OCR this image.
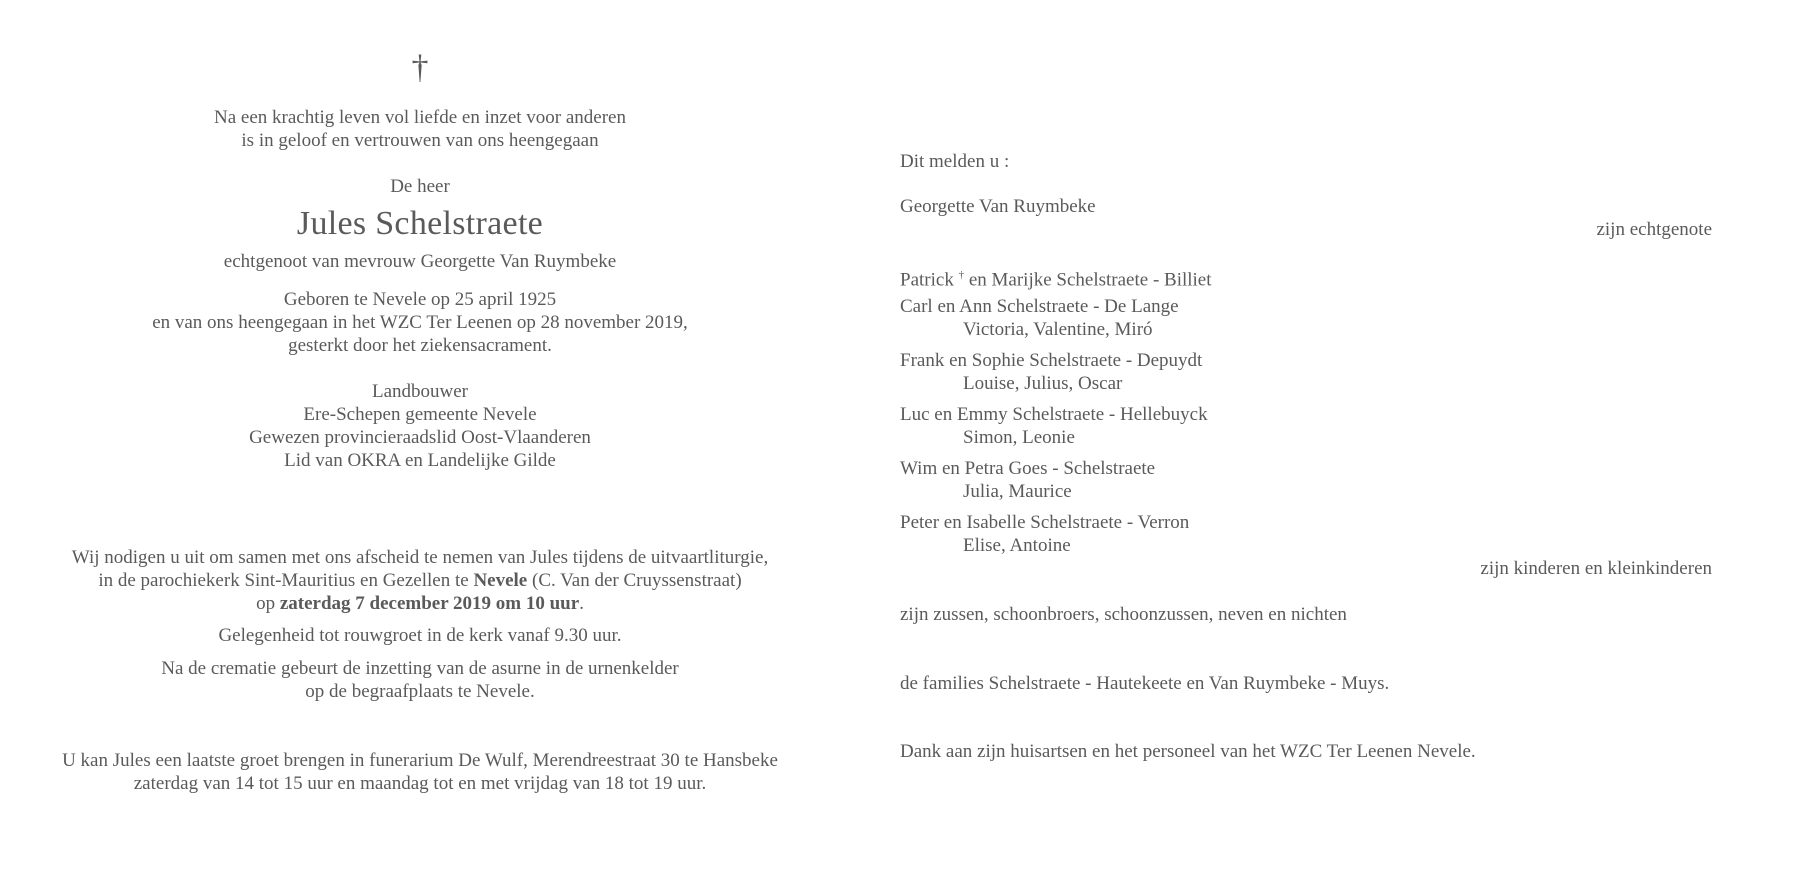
†
Na een krachtig leven vol liefde en inzet voor anderen
is in geloof en vertrouwen van ons heengegaan
De heer
Jules Schelstraete
echtgenoot van mevrouw Georgette Van Ruymbeke
Geboren te Nevele op 25 april 1925
en van ons heengegaan in het WZC Ter Leenen op 28 november 2019,
gesterkt door het ziekensacrament.
Landbouwer
Ere-Schepen gemeente Nevele
Gewezen provincieraadslid Oost-Vlaanderen
Lid van OKRA en Landelijke Gilde
Wij nodigen u uit om samen met ons afscheid te nemen van Jules tijdens de uitvaartliturgie,
in de parochiekerk Sint-Mauritius en Gezellen te Nevele (C. Van der Cruyssenstraat)
op zaterdag 7 december 2019 om 10 uur.
Gelegenheid tot rouwgroet in de kerk vanaf 9.30 uur.
Na de crematie gebeurt de inzetting van de asurne in de urnenkelder
op de begraafplaats te Nevele.
U kan Jules een laatste groet brengen in funerarium De Wulf, Merendreestraat 30 te Hansbeke
zaterdag van 14 tot 15 uur en maandag tot en met vrijdag van 18 tot 19 uur.
Dit melden u :
Georgette Van Ruymbeke
zijn echtgenote
Patrick † en Marijke Schelstraete - Billiet
Carl en Ann Schelstraete - De Lange
Victoria, Valentine, Miró
Frank en Sophie Schelstraete - Depuydt
Louise, Julius, Oscar
Luc en Emmy Schelstraete - Hellebuyck
Simon, Leonie
Wim en Petra Goes - Schelstraete
Julia, Maurice
Peter en Isabelle Schelstraete - Verron
Elise, Antoine
zijn kinderen en kleinkinderen
zijn zussen, schoonbroers, schoonzussen, neven en nichten
de families Schelstraete - Hautekeete en Van Ruymbeke - Muys.
Dank aan zijn huisartsen en het personeel van het WZC Ter Leenen Nevele.
